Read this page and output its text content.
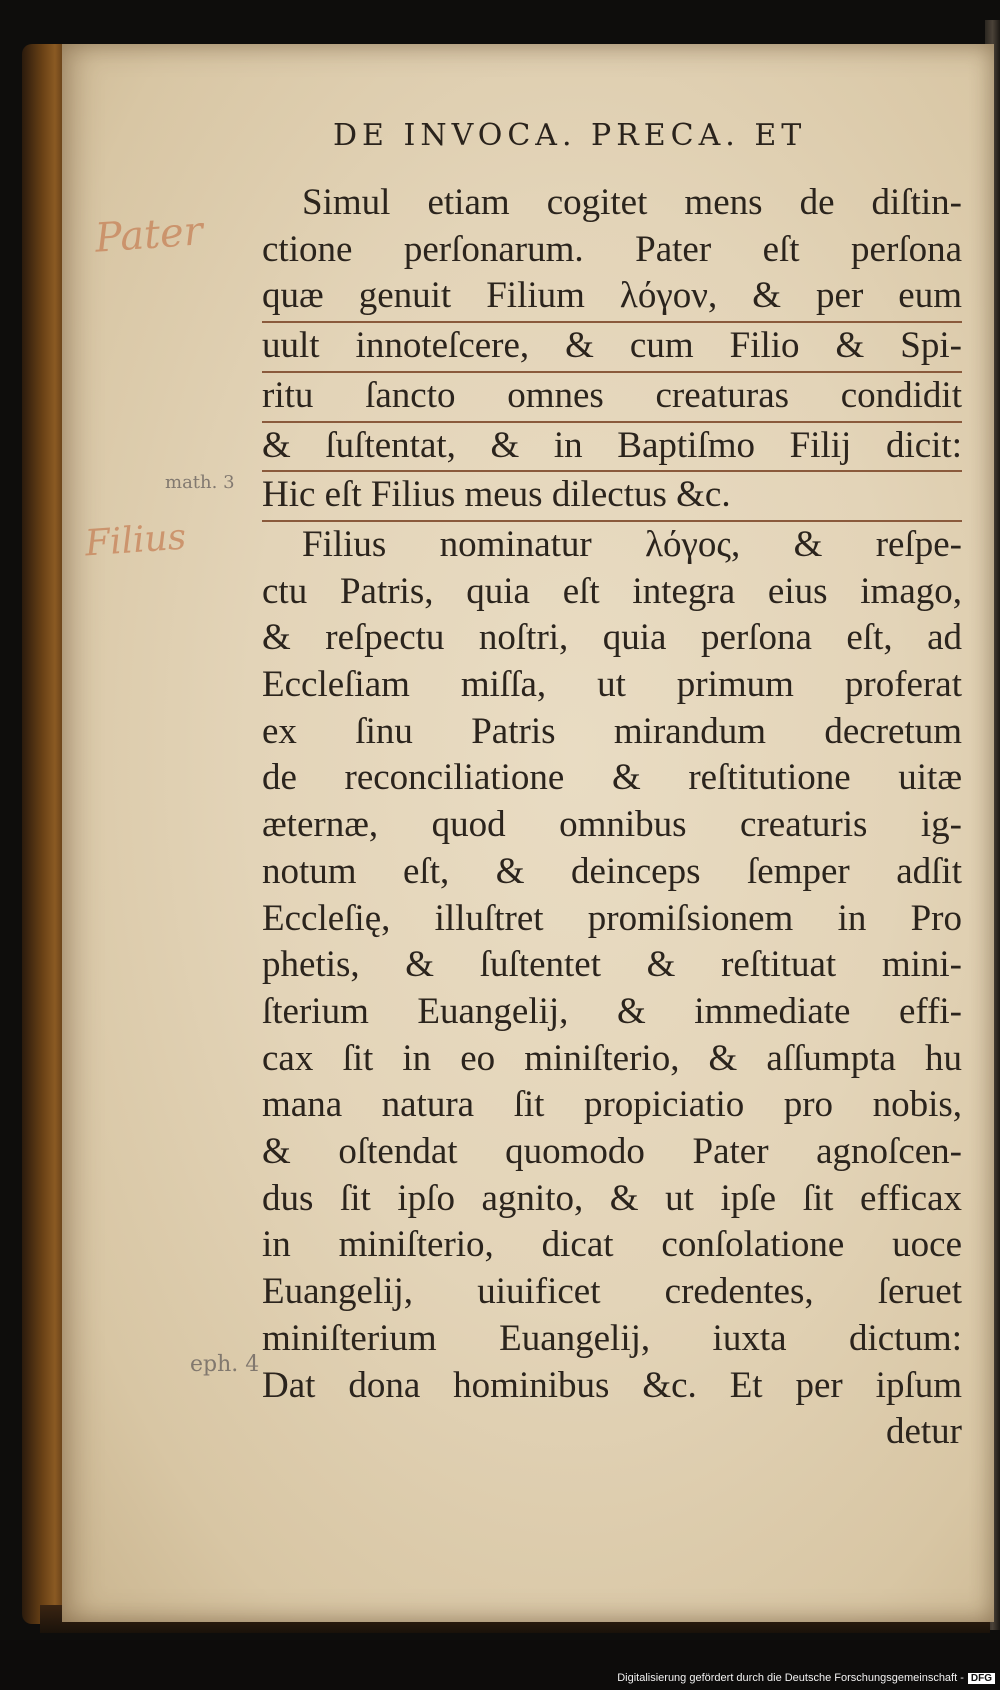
DE INVOCA. PRECA. ET
Pater
math. 3
Filius
eph. 4
Simul etiam cogitet mens de diſtin-
ctione perſonarum. Pater eſt perſona
quæ genuit Filium λόγον, & per eum
uult innoteſcere, & cum Filio & Spi-
ritu ſancto omnes creaturas condidit
& ſuſtentat, & in Baptiſmo Filij dicit:
Hic eſt Filius meus dilectus &c.
Filius nominatur λόγος, & reſpe-
ctu Patris, quia eſt integra eius imago,
& reſpectu noſtri, quia perſona eſt, ad
Eccleſiam miſſa, ut primum proferat
ex ſinu Patris mirandum decretum
de reconciliatione & reſtitutione uitæ
æternæ, quod omnibus creaturis ig-
notum eſt, & deinceps ſemper adſit
Eccleſię, illuſtret promiſsionem in Pro
phetis, & ſuſtentet & reſtituat mini-
ſterium Euangelij, & immediate effi-
cax ſit in eo miniſterio, & aſſumpta hu
mana natura ſit propiciatio pro nobis,
& oſtendat quomodo Pater agnoſcen-
dus ſit ipſo agnito, & ut ipſe ſit efficax
in miniſterio, dicat conſolatione uoce
Euangelij, uiuificet credentes, ſeruet
miniſterium Euangelij, iuxta dictum:
Dat dona hominibus &c. Et per ipſum
detur
Digitalisierung gefördert durch die Deutsche Forschungsgemeinschaft - DFG
